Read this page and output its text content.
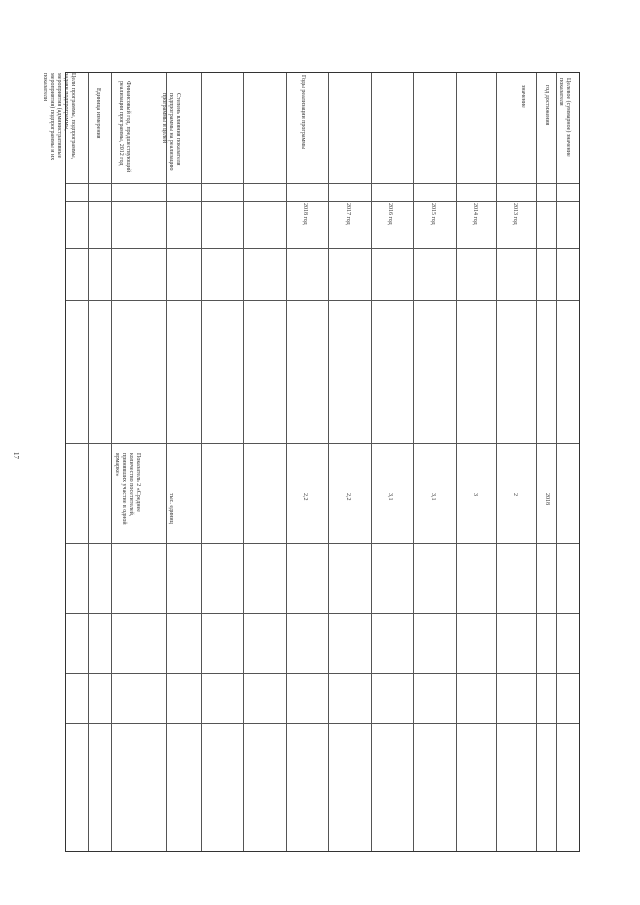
17
Целевое (суммарное) значение показателя
год достижения
значение
Годы реализации программы
Степень влияния показателя подпрограммы на реализацию программы и целей
Финансовый год, предшествующий реализации программы, 2012 год
Единица измерения
Цели программы, подпрограммы, задачи подпрограммы, мероприятия (административные мероприятия) подпрограммы и их показатели
2013 год
2014 год
2015 год
2016 год
2017 год
2018 год
Показатель 2 «Среднее количество посетителей, принявших участие в одной ярмарке»
тыс. единиц	2
3
3,1
3,1
2,2
2,2	2018
